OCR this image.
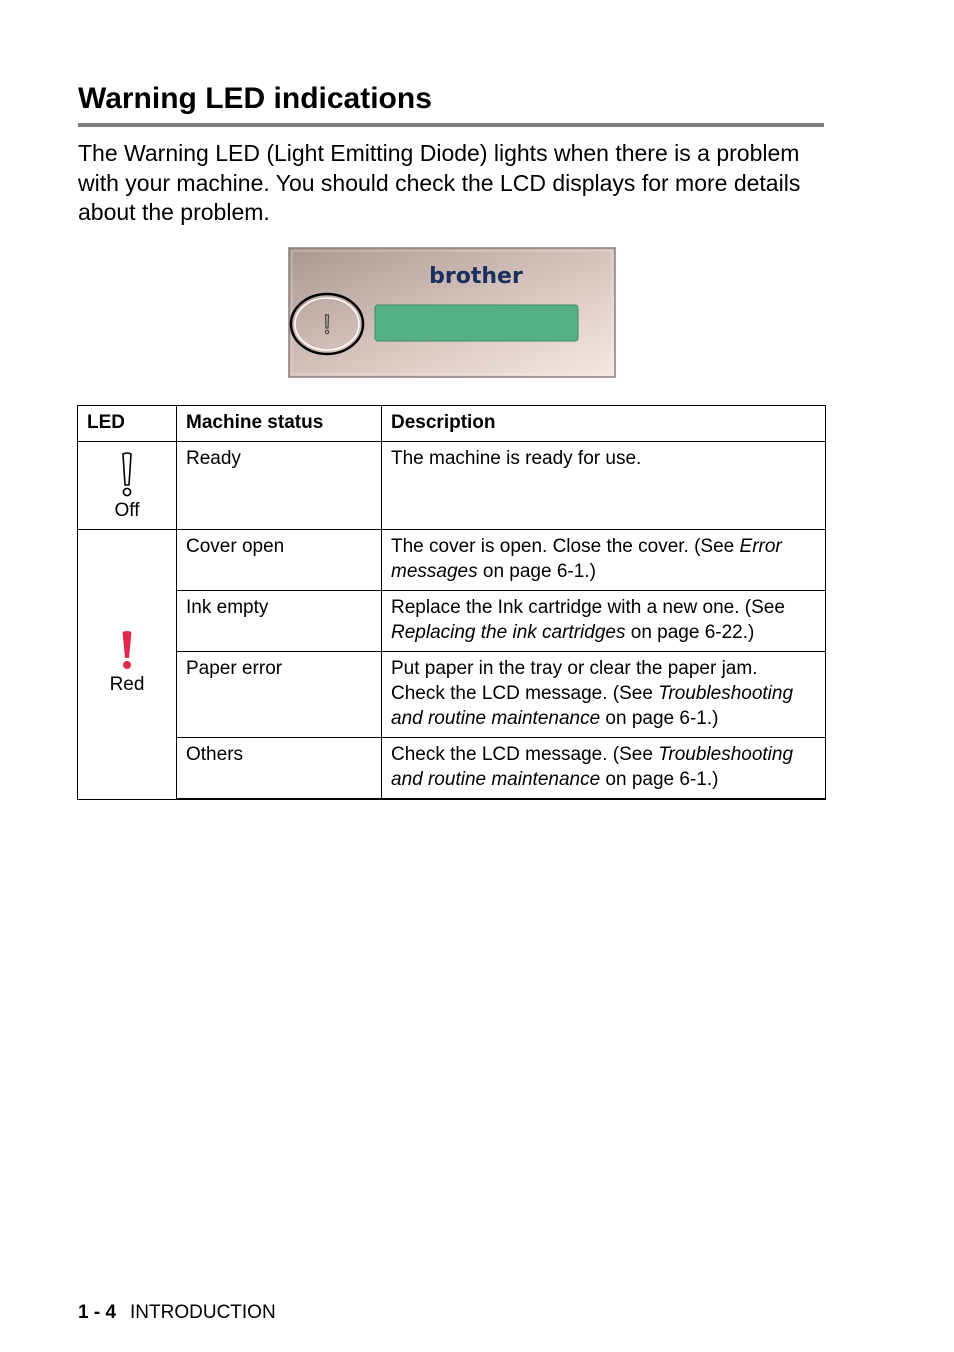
Warning LED indications

The Warning LED (Light Emitting Diode) lights when there is a problem with your machine. You should check the LCD displays for more details about the problem.

brother
LED	Machine status	Description

Off	Ready	The machine is ready for use.

Red	Cover open	The cover is open. Close the cover. (See Error messages on page 6-1.)
	Ink empty	Replace the Ink cartridge with a new one. (See Replacing the ink cartridges on page 6-22.)
	Paper error	Put paper in the tray or clear the paper jam. Check the LCD message. (See Troubleshooting and routine maintenance on page 6-1.)
	Others	Check the LCD message. (See Troubleshooting and routine maintenance on page 6-1.)
1 - 4 INTRODUCTION
